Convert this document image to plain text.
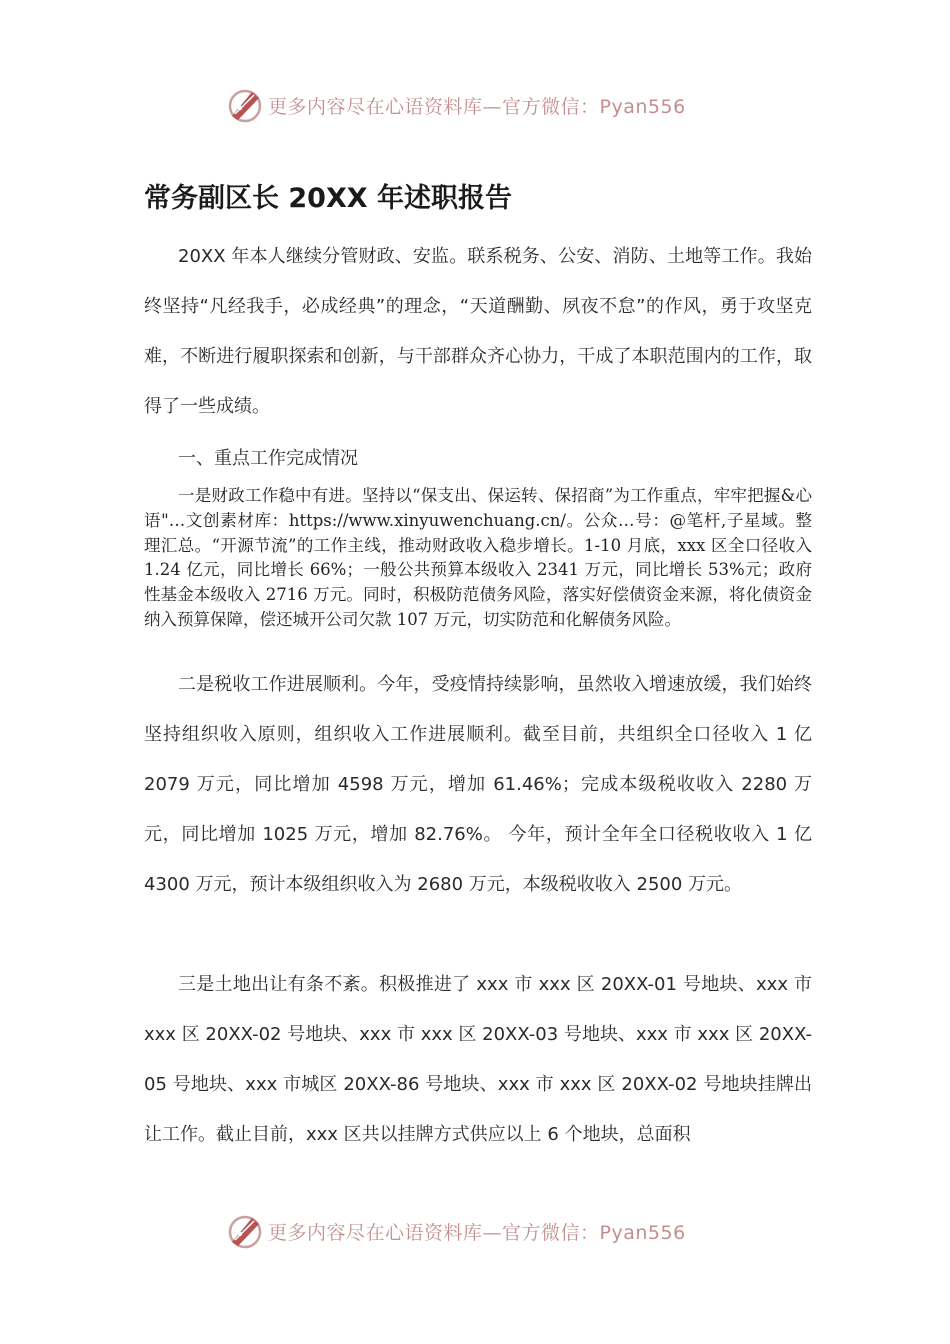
更多内容尽在心语资料库—官方微信：Pyan556
常务副区长 20XX 年述职报告

20XX 年本人继续分管财政、安监。联系税务、公安、消防、土地等工作。我始终坚持“凡经我手，必成经典”的理念，“天道酬勤、夙夜不怠”的作风，勇于攻坚克难，不断进行履职探索和创新，与干部群众齐心协力，干成了本职范围内的工作，取得了一些成绩。

一、重点工作完成情况

一是财政工作稳中有进。坚持以“保支出、保运转、保招商”为工作重点，牢牢把握&心语"…文创素材库：https://www.xinyuwenchuang.cn/。公众…号：@笔杆,子星域。整理汇总。“开源节流”的工作主线，推动财政收入稳步增长。1-10 月底，xxx 区全口径收入 1.24 亿元，同比增长 66%；一般公共预算本级收入 2341 万元，同比增长 53%元；政府性基金本级收入 2716 万元。同时，积极防范债务风险，落实好偿债资金来源，将化债资金纳入预算保障，偿还城开公司欠款 107 万元，切实防范和化解债务风险。

二是税收工作进展顺利。今年，受疫情持续影响，虽然收入增速放缓，我们始终坚持组织收入原则，组织收入工作进展顺利。截至目前，共组织全口径收入 1 亿 2079 万元，同比增加 4598 万元，增加 61.46%；完成本级税收收入 2280 万元，同比增加 1025 万元，增加 82.76%。 今年，预计全年全口径税收收入 1 亿 4300 万元，预计本级组织收入为 2680 万元，本级税收收入 2500 万元。

三是土地出让有条不紊。积极推进了 xxx 市 xxx 区 20XX-01 号地块、xxx 市 xxx 区 20XX-02 号地块、xxx 市 xxx 区 20XX-03 号地块、xxx 市 xxx 区 20XX-05 号地块、xxx 市城区 20XX-86 号地块、xxx 市 xxx 区 20XX-02 号地块挂牌出让工作。截止目前，xxx 区共以挂牌方式供应以上 6 个地块，总面积

更多内容尽在心语资料库—官方微信：Pyan556
